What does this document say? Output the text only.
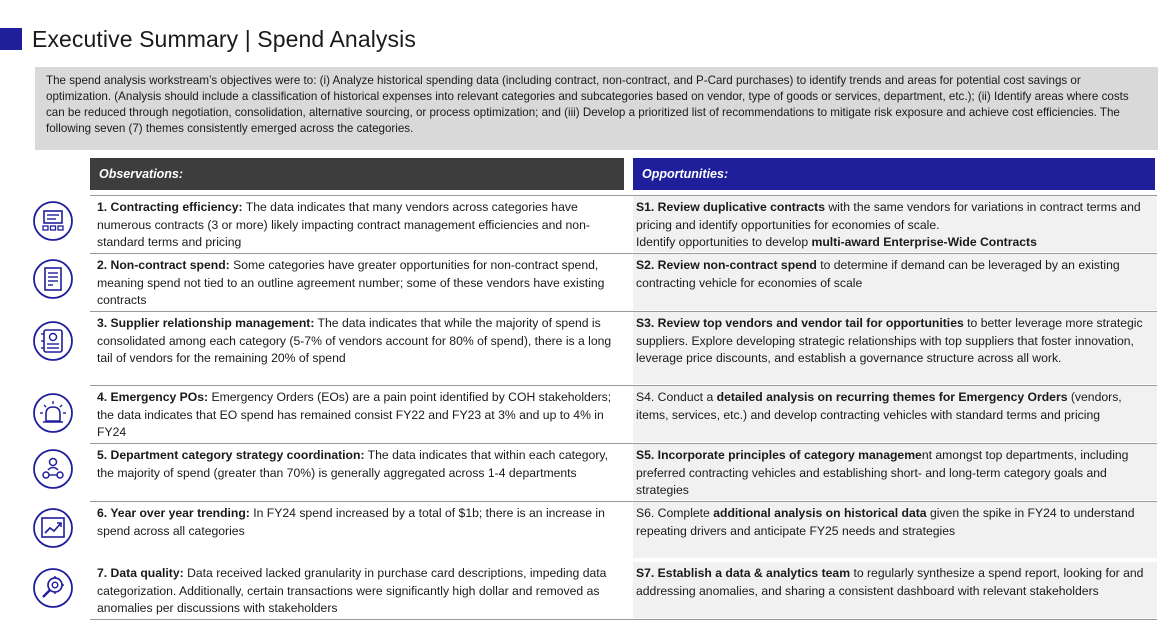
Executive Summary | Spend Analysis
The spend analysis workstream’s objectives were to: (i) Analyze historical spending data (including contract, non-contract, and P-Card purchases) to identify trends and areas for potential cost savings or optimization. (Analysis should include a classification of historical expenses into relevant categories and subcategories based on vendor, type of goods or services, department, etc.); (ii) Identify areas where costs can be reduced through negotiation, consolidation, alternative sourcing, or process optimization; and (iii) Develop a prioritized list of recommendations to mitigate risk exposure and achieve cost efficiencies. The following seven (7) themes consistently emerged across the categories.
Observations:	Opportunities:
1. Contracting efficiency: The data indicates that many vendors across categories have numerous contracts (3 or more) likely impacting contract management efficiencies and non-standard terms and pricing
S1. Review duplicative contracts with the same vendors for variations in contract terms and pricing and identify opportunities for economies of scale.
Identify opportunities to develop multi-award Enterprise-Wide Contracts
2. Non-contract spend: Some categories have greater opportunities for non-contract spend, meaning spend not tied to an outline agreement number; some of these vendors have existing contracts
S2. Review non-contract spend to determine if demand can be leveraged by an existing contracting vehicle for economies of scale
3. Supplier relationship management: The data indicates that while the majority of spend is consolidated among each category (5-7% of vendors account for 80% of spend), there is a long tail of vendors for the remaining 20% of spend
S3. Review top vendors and vendor tail for opportunities to better leverage more strategic suppliers. Explore developing strategic relationships with top suppliers that foster innovation, leverage price discounts, and establish a governance structure across all work.
4. Emergency POs: Emergency Orders (EOs) are a pain point identified by COH stakeholders; the data indicates that EO spend has remained consist FY22 and FY23 at 3% and up to 4% in FY24
S4. Conduct a detailed analysis on recurring themes for Emergency Orders (vendors, items, services, etc.) and develop contracting vehicles with standard terms and pricing
5. Department category strategy coordination: The data indicates that within each category, the majority of spend (greater than 70%) is generally aggregated across 1-4 departments
S5. Incorporate principles of category management amongst top departments, including preferred contracting vehicles and establishing short- and long-term category goals and strategies
6. Year over year trending: In FY24 spend increased by a total of $1b; there is an increase in spend across all categories
S6. Complete additional analysis on historical data given the spike in FY24 to understand repeating drivers and anticipate FY25 needs and strategies
7. Data quality: Data received lacked granularity in purchase card descriptions, impeding data categorization. Additionally, certain transactions were significantly high dollar and removed as anomalies per discussions with stakeholders
S7. Establish a data & analytics team to regularly synthesize a spend report, looking for and addressing anomalies, and sharing a consistent dashboard with relevant stakeholders
